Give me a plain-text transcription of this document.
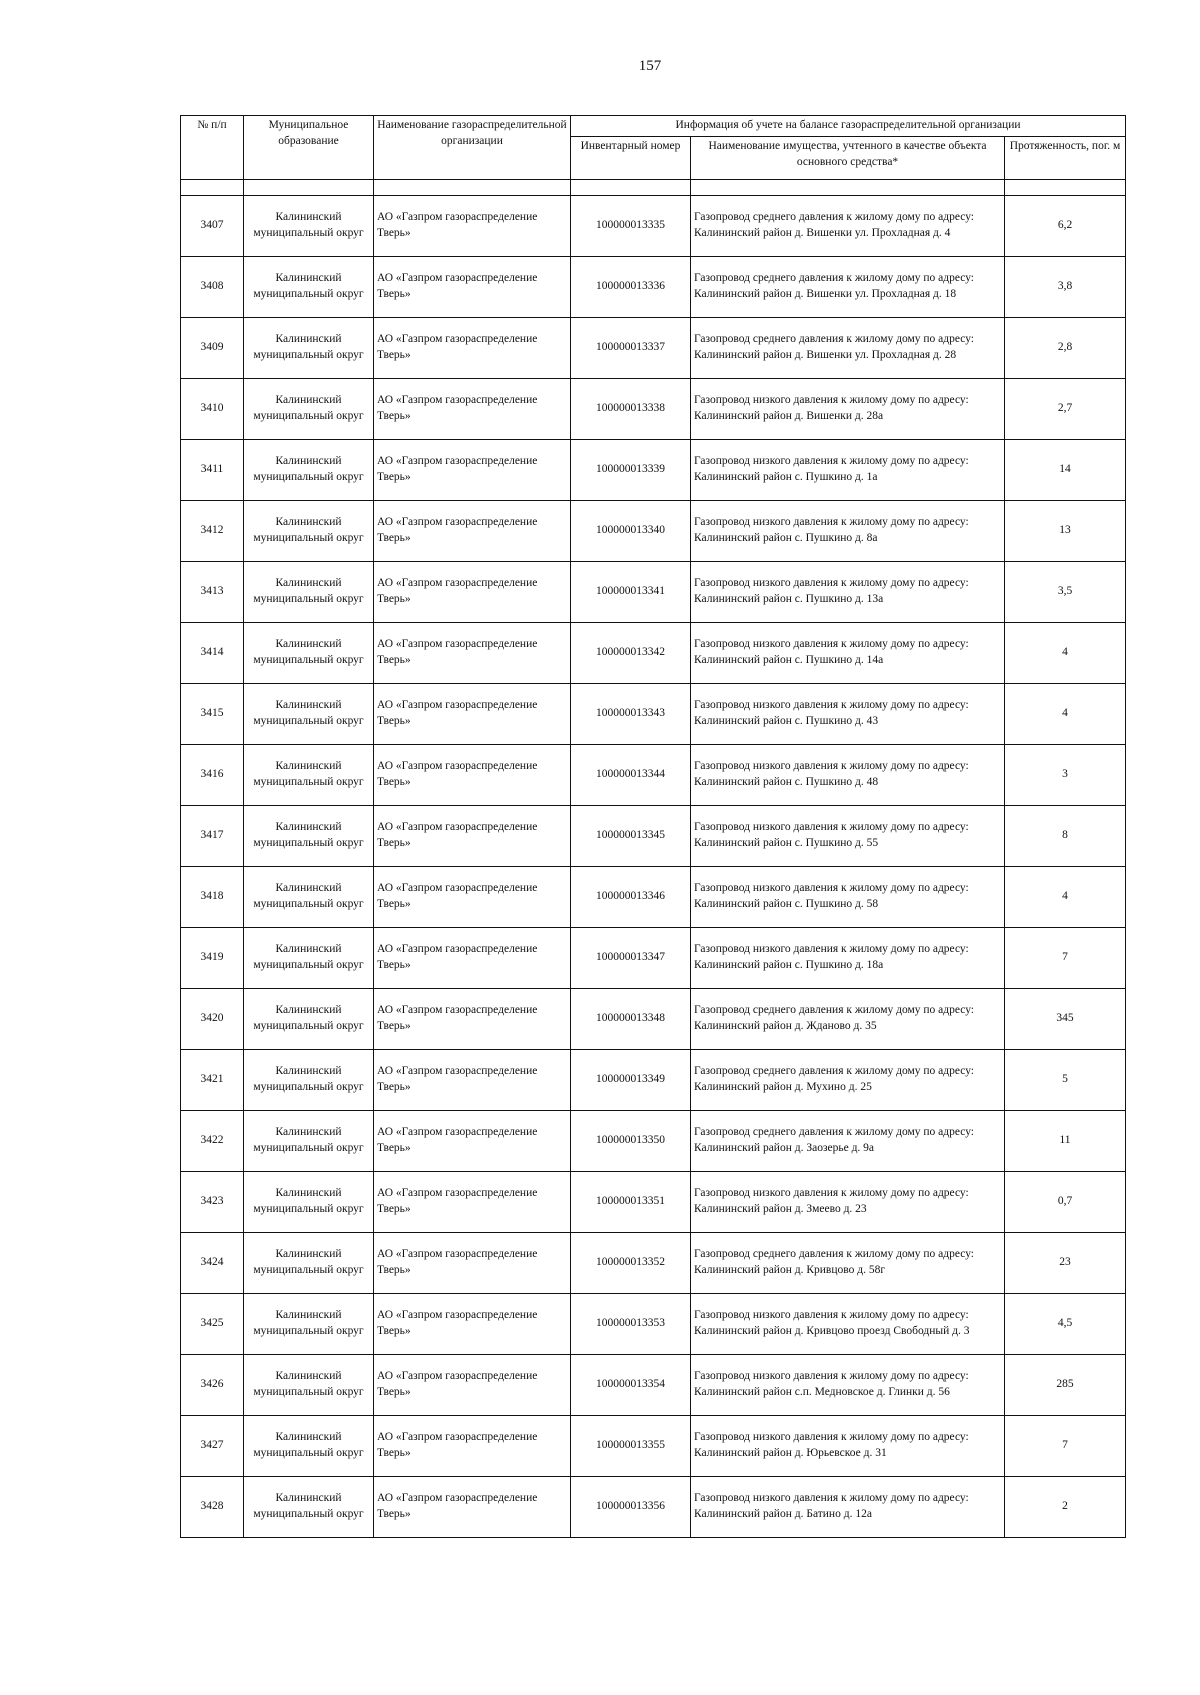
157
№ п/п	Муниципальное образование	Наименование газораспределительной организации	Информация об учете на балансе газораспределительной организации		
			Инвентарный номер	Наименование имущества, учтенного в качестве объекта основного средства*	Протяженность, пог. м

3407	Калининский муниципальный округ	АО «Газпром газораспределение Тверь»	100000013335	Газопровод среднего давления к жилому дому по адресу: Калининский район д. Вишенки ул. Прохладная д. 4	6,2
3408	Калининский муниципальный округ	АО «Газпром газораспределение Тверь»	100000013336	Газопровод среднего давления к жилому дому по адресу: Калининский район д. Вишенки ул. Прохладная д. 18	3,8
3409	Калининский муниципальный округ	АО «Газпром газораспределение Тверь»	100000013337	Газопровод среднего давления к жилому дому по адресу: Калининский район д. Вишенки ул. Прохладная д. 28	2,8
3410	Калининский муниципальный округ	АО «Газпром газораспределение Тверь»	100000013338	Газопровод низкого давления к жилому дому по адресу: Калининский район д. Вишенки д. 28а	2,7
3411	Калининский муниципальный округ	АО «Газпром газораспределение Тверь»	100000013339	Газопровод низкого давления к жилому дому по адресу: Калининский район с. Пушкино д. 1а	14
3412	Калининский муниципальный округ	АО «Газпром газораспределение Тверь»	100000013340	Газопровод низкого давления к жилому дому по адресу: Калининский район с. Пушкино д. 8а	13
3413	Калининский муниципальный округ	АО «Газпром газораспределение Тверь»	100000013341	Газопровод низкого давления к жилому дому по адресу: Калининский район с. Пушкино д. 13а	3,5
3414	Калининский муниципальный округ	АО «Газпром газораспределение Тверь»	100000013342	Газопровод низкого давления к жилому дому по адресу: Калининский район с. Пушкино д. 14а	4
3415	Калининский муниципальный округ	АО «Газпром газораспределение Тверь»	100000013343	Газопровод низкого давления к жилому дому по адресу: Калининский район с. Пушкино д. 43	4
3416	Калининский муниципальный округ	АО «Газпром газораспределение Тверь»	100000013344	Газопровод низкого давления к жилому дому по адресу: Калининский район с. Пушкино д. 48	3
3417	Калининский муниципальный округ	АО «Газпром газораспределение Тверь»	100000013345	Газопровод низкого давления к жилому дому по адресу: Калининский район с. Пушкино д. 55	8
3418	Калининский муниципальный округ	АО «Газпром газораспределение Тверь»	100000013346	Газопровод низкого давления к жилому дому по адресу: Калининский район с. Пушкино д. 58	4
3419	Калининский муниципальный округ	АО «Газпром газораспределение Тверь»	100000013347	Газопровод низкого давления к жилому дому по адресу: Калининский район с. Пушкино д. 18а	7
3420	Калининский муниципальный округ	АО «Газпром газораспределение Тверь»	100000013348	Газопровод среднего давления к жилому дому по адресу: Калининский район д. Жданово д. 35	345
3421	Калининский муниципальный округ	АО «Газпром газораспределение Тверь»	100000013349	Газопровод среднего давления к жилому дому по адресу: Калининский район д. Мухино д. 25	5
3422	Калининский муниципальный округ	АО «Газпром газораспределение Тверь»	100000013350	Газопровод среднего давления к жилому дому по адресу: Калининский район д. Заозерье д. 9а	11
3423	Калининский муниципальный округ	АО «Газпром газораспределение Тверь»	100000013351	Газопровод низкого давления к жилому дому по адресу: Калининский район д. Змеево д. 23	0,7
3424	Калининский муниципальный округ	АО «Газпром газораспределение Тверь»	100000013352	Газопровод среднего давления к жилому дому по адресу: Калининский район д. Кривцово д. 58г	23
3425	Калининский муниципальный округ	АО «Газпром газораспределение Тверь»	100000013353	Газопровод низкого давления к жилому дому по адресу: Калининский район д. Кривцово проезд Свободный д. 3	4,5
3426	Калининский муниципальный округ	АО «Газпром газораспределение Тверь»	100000013354	Газопровод низкого давления к жилому дому по адресу: Калининский район с.п. Медновское д. Глинки д. 56	285
3427	Калининский муниципальный округ	АО «Газпром газораспределение Тверь»	100000013355	Газопровод низкого давления к жилому дому по адресу: Калининский район д. Юрьевское д. 31	7
3428	Калининский муниципальный округ	АО «Газпром газораспределение Тверь»	100000013356	Газопровод низкого давления к жилому дому по адресу: Калининский район д. Батино д. 12а	2
